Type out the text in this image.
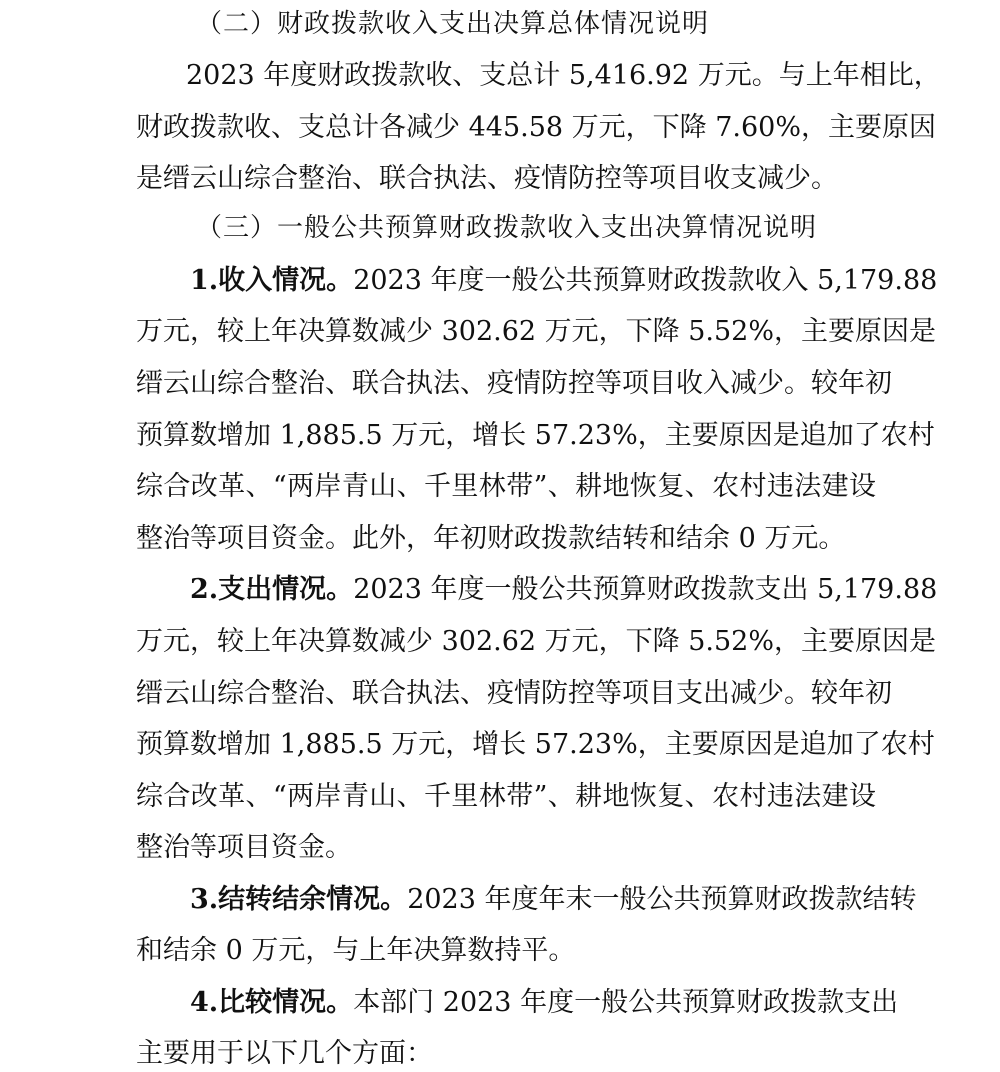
（二）财政拨款收入支出决算总体情况说明
2023 年度财政拨款收、支总计 5,416.92 万元。与上年相比，
财政拨款收、支总计各减少 445.58 万元，下降 7.60%，主要原因
是缙云山综合整治、联合执法、疫情防控等项目收支减少。
（三）一般公共预算财政拨款收入支出决算情况说明
1.收入情况。2023 年度一般公共预算财政拨款收入 5,179.88
万元，较上年决算数减少 302.62 万元，下降 5.52%，主要原因是
缙云山综合整治、联合执法、疫情防控等项目收入减少。较年初
预算数增加 1,885.5 万元，增长 57.23%，主要原因是追加了农村
综合改革、“两岸青山、千里林带”、耕地恢复、农村违法建设
整治等项目资金。此外，年初财政拨款结转和结余 0 万元。
2.支出情况。2023 年度一般公共预算财政拨款支出 5,179.88
万元，较上年决算数减少 302.62 万元，下降 5.52%，主要原因是
缙云山综合整治、联合执法、疫情防控等项目支出减少。较年初
预算数增加 1,885.5 万元，增长 57.23%，主要原因是追加了农村
综合改革、“两岸青山、千里林带”、耕地恢复、农村违法建设
整治等项目资金。
3.结转结余情况。2023 年度年末一般公共预算财政拨款结转
和结余 0 万元，与上年决算数持平。
4.比较情况。本部门 2023 年度一般公共预算财政拨款支出
主要用于以下几个方面：
